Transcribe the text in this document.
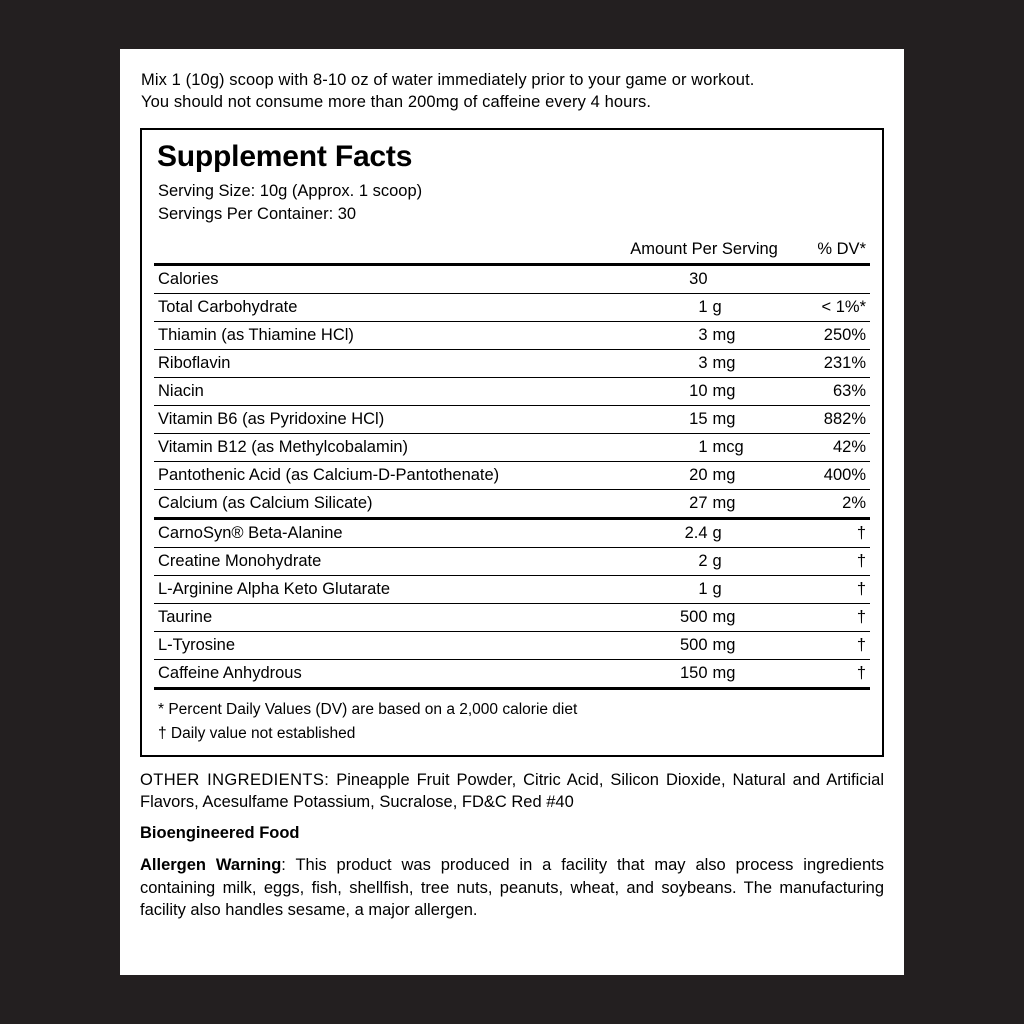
Mix 1 (10g) scoop with 8-10 oz of water immediately prior to your game or workout.
You should not consume more than 200mg of caffeine every 4 hours.
Supplement Facts
Serving Size: 10g (Approx. 1 scoop)
Servings Per Container: 30
	Amount Per Serving	% DV*
Calories	30	
Total Carbohydrate	1 g	< 1%*
Thiamin (as Thiamine HCl)	3 mg	250%
Riboflavin	3 mg	231%
Niacin	10 mg	63%
Vitamin B6 (as Pyridoxine HCl)	15 mg	882%
Vitamin B12 (as Methylcobalamin)	1 mcg	42%
Pantothenic Acid (as Calcium-D-Pantothenate)	20 mg	400%
Calcium (as Calcium Silicate)	27 mg	2%
CarnoSyn® Beta-Alanine	2.4 g	†
Creatine Monohydrate	2 g	†
L-Arginine Alpha Keto Glutarate	1 g	†
Taurine	500 mg	†
L-Tyrosine	500 mg	†
Caffeine Anhydrous	150 mg	†
* Percent Daily Values (DV) are based on a 2,000 calorie diet
† Daily value not established
OTHER INGREDIENTS: Pineapple Fruit Powder, Citric Acid, Silicon Dioxide, Natural and Artificial Flavors, Acesulfame Potassium, Sucralose, FD&C Red #40
Bioengineered Food
Allergen Warning: This product was produced in a facility that may also process ingredients containing milk, eggs, fish, shellfish, tree nuts, peanuts, wheat, and soybeans. The manufacturing facility also handles sesame, a major allergen.
